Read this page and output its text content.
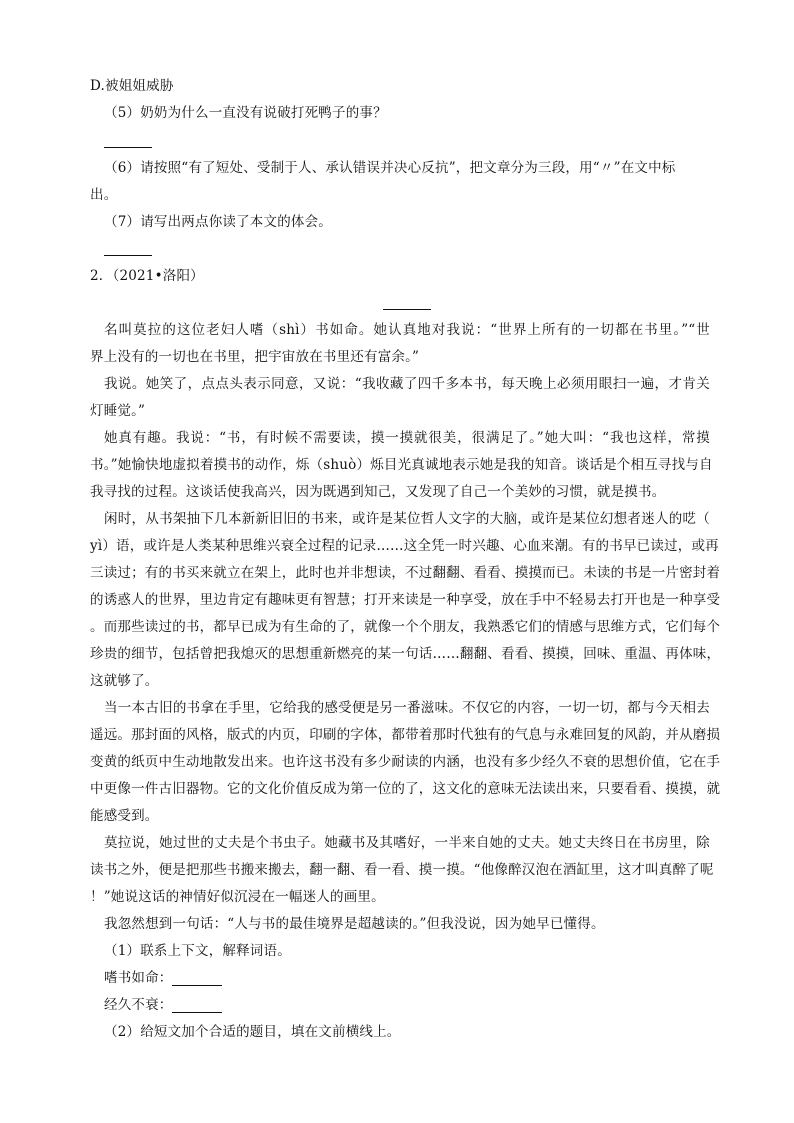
D.被姐姐威胁
（5）奶奶为什么一直没有说破打死鸭子的事？
（6）请按照“有了短处、受制于人、承认错误并决心反抗”，把文章分为三段，用“〃”在文中标
出。
（7）请写出两点你读了本文的体会。
2．（2021•洛阳）
名叫莫拉的这位老妇人嗜（shì）书如命。她认真地对我说：“世界上所有的一切都在书里。”“世
界上没有的一切也在书里，把宇宙放在书里还有富余。”
我说。她笑了，点点头表示同意，又说：“我收藏了四千多本书，每天晚上必须用眼扫一遍，才肯关
灯睡觉。”
她真有趣。我说：“书，有时候不需要读，摸一摸就很美，很满足了。”她大叫：“我也这样，常摸
书。”她愉快地虚拟着摸书的动作，烁（shuò）烁目光真诚地表示她是我的知音。谈话是个相互寻找与自
我寻找的过程。这谈话使我高兴，因为既遇到知己，又发现了自己一个美妙的习惯，就是摸书。
闲时，从书架抽下几本新新旧旧的书来，或许是某位哲人文字的大脑，或许是某位幻想者迷人的呓（
yì）语，或许是人类某种思维兴衰全过程的记录……这全凭一时兴趣、心血来潮。有的书早已读过，或再
三读过；有的书买来就立在架上，此时也并非想读，不过翻翻、看看、摸摸而已。未读的书是一片密封着
的诱惑人的世界，里边肯定有趣味更有智慧；打开来读是一种享受，放在手中不轻易去打开也是一种享受
。而那些读过的书，都早已成为有生命的了，就像一个个朋友，我熟悉它们的情感与思维方式，它们每个
珍贵的细节，包括曾把我熄灭的思想重新燃亮的某一句话……翻翻、看看、摸摸，回味、重温、再体味，
这就够了。
当一本古旧的书拿在手里，它给我的感受便是另一番滋味。不仅它的内容，一切一切，都与今天相去
遥远。那封面的风格，版式的内页，印刷的字体，都带着那时代独有的气息与永难回复的风韵，并从磨损
变黄的纸页中生动地散发出来。也许这书没有多少耐读的内涵，也没有多少经久不衰的思想价值，它在手
中更像一件古旧器物。它的文化价值反成为第一位的了，这文化的意味无法读出来，只要看看、摸摸，就
能感受到。
莫拉说，她过世的丈夫是个书虫子。她藏书及其嗜好，一半来自她的丈夫。她丈夫终日在书房里，除
读书之外，便是把那些书搬来搬去，翻一翻、看一看、摸一摸。“他像醉汉泡在酒缸里，这才叫真醉了呢
！”她说这话的神情好似沉浸在一幅迷人的画里。
我忽然想到一句话：“人与书的最佳境界是超越读的。”但我没说，因为她早已懂得。
（1）联系上下文，解释词语。
嗜书如命：
经久不衰：
（2）给短文加个合适的题目，填在文前横线上。
